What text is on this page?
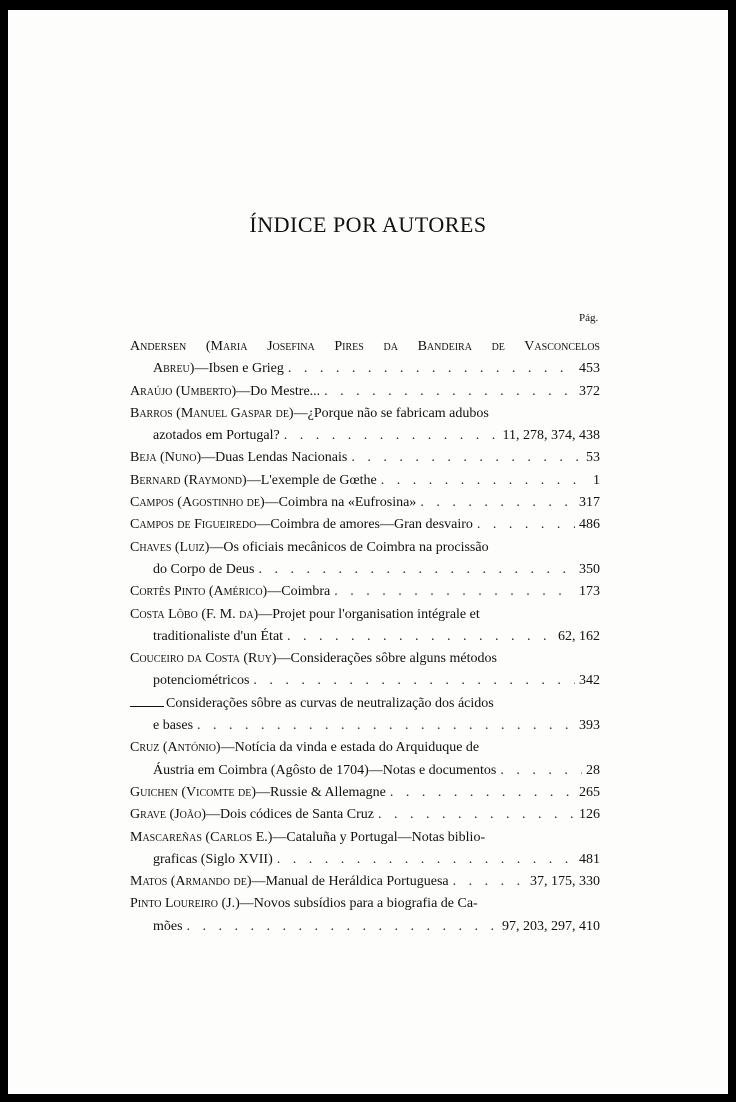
ÍNDICE POR AUTORES
Pág.
Andersen (Maria Josefina Pires da Bandeira de Vasconcelos
Abreu) —Ibsen e Grieg . . .	453
Araújo (Umberto) —Do Mestre... . . .	372
Barros (Manuel Gaspar de) —¿Porque não se fabricam adubos
azotados em Portugal? . . .	11, 278, 374, 438
Beja (Nuno) —Duas Lendas Nacionais . . .	53
Bernard (Raymond) —L'exemple de Gœthe . . .	1
Campos (Agostinho de) —Coimbra na «Eufrosina» . . .	317
Campos de Figueiredo —Coimbra de amores—Gran desvairo . . .	486
Chaves (Luiz) —Os oficiais mecânicos de Coimbra na procissão
do Corpo de Deus . . .	350
Cortês Pinto (Américo) —Coimbra . . .	173
Costa Lôbo (F. M. da) —Projet pour l'organisation intégrale et
traditionaliste d'un État . . .	62, 162
Couceiro da Costa (Ruy) —Considerações sôbre alguns métodos
potenciométricos . . .	342
Considerações sôbre as curvas de neutralização dos ácidos
e bases . . .	393
Cruz (António) —Notícia da vinda e estada do Arquiduque de
Áustria em Coimbra (Agôsto de 1704)—Notas e documentos . . .	28
Guichen (Vicomte de) —Russie & Allemagne . . .	265
Grave (João) —Dois códices de Santa Cruz . . .	126
Mascareñas (Carlos E.) —Cataluña y Portugal—Notas biblio-
graficas (Siglo XVII) . . .	481
Matos (Armando de) —Manual de Heráldica Portuguesa . . .	37, 175, 330
Pinto Loureiro (J.) —Novos subsídios para a biografia de Ca-
mões . . .	97, 203, 297, 410
